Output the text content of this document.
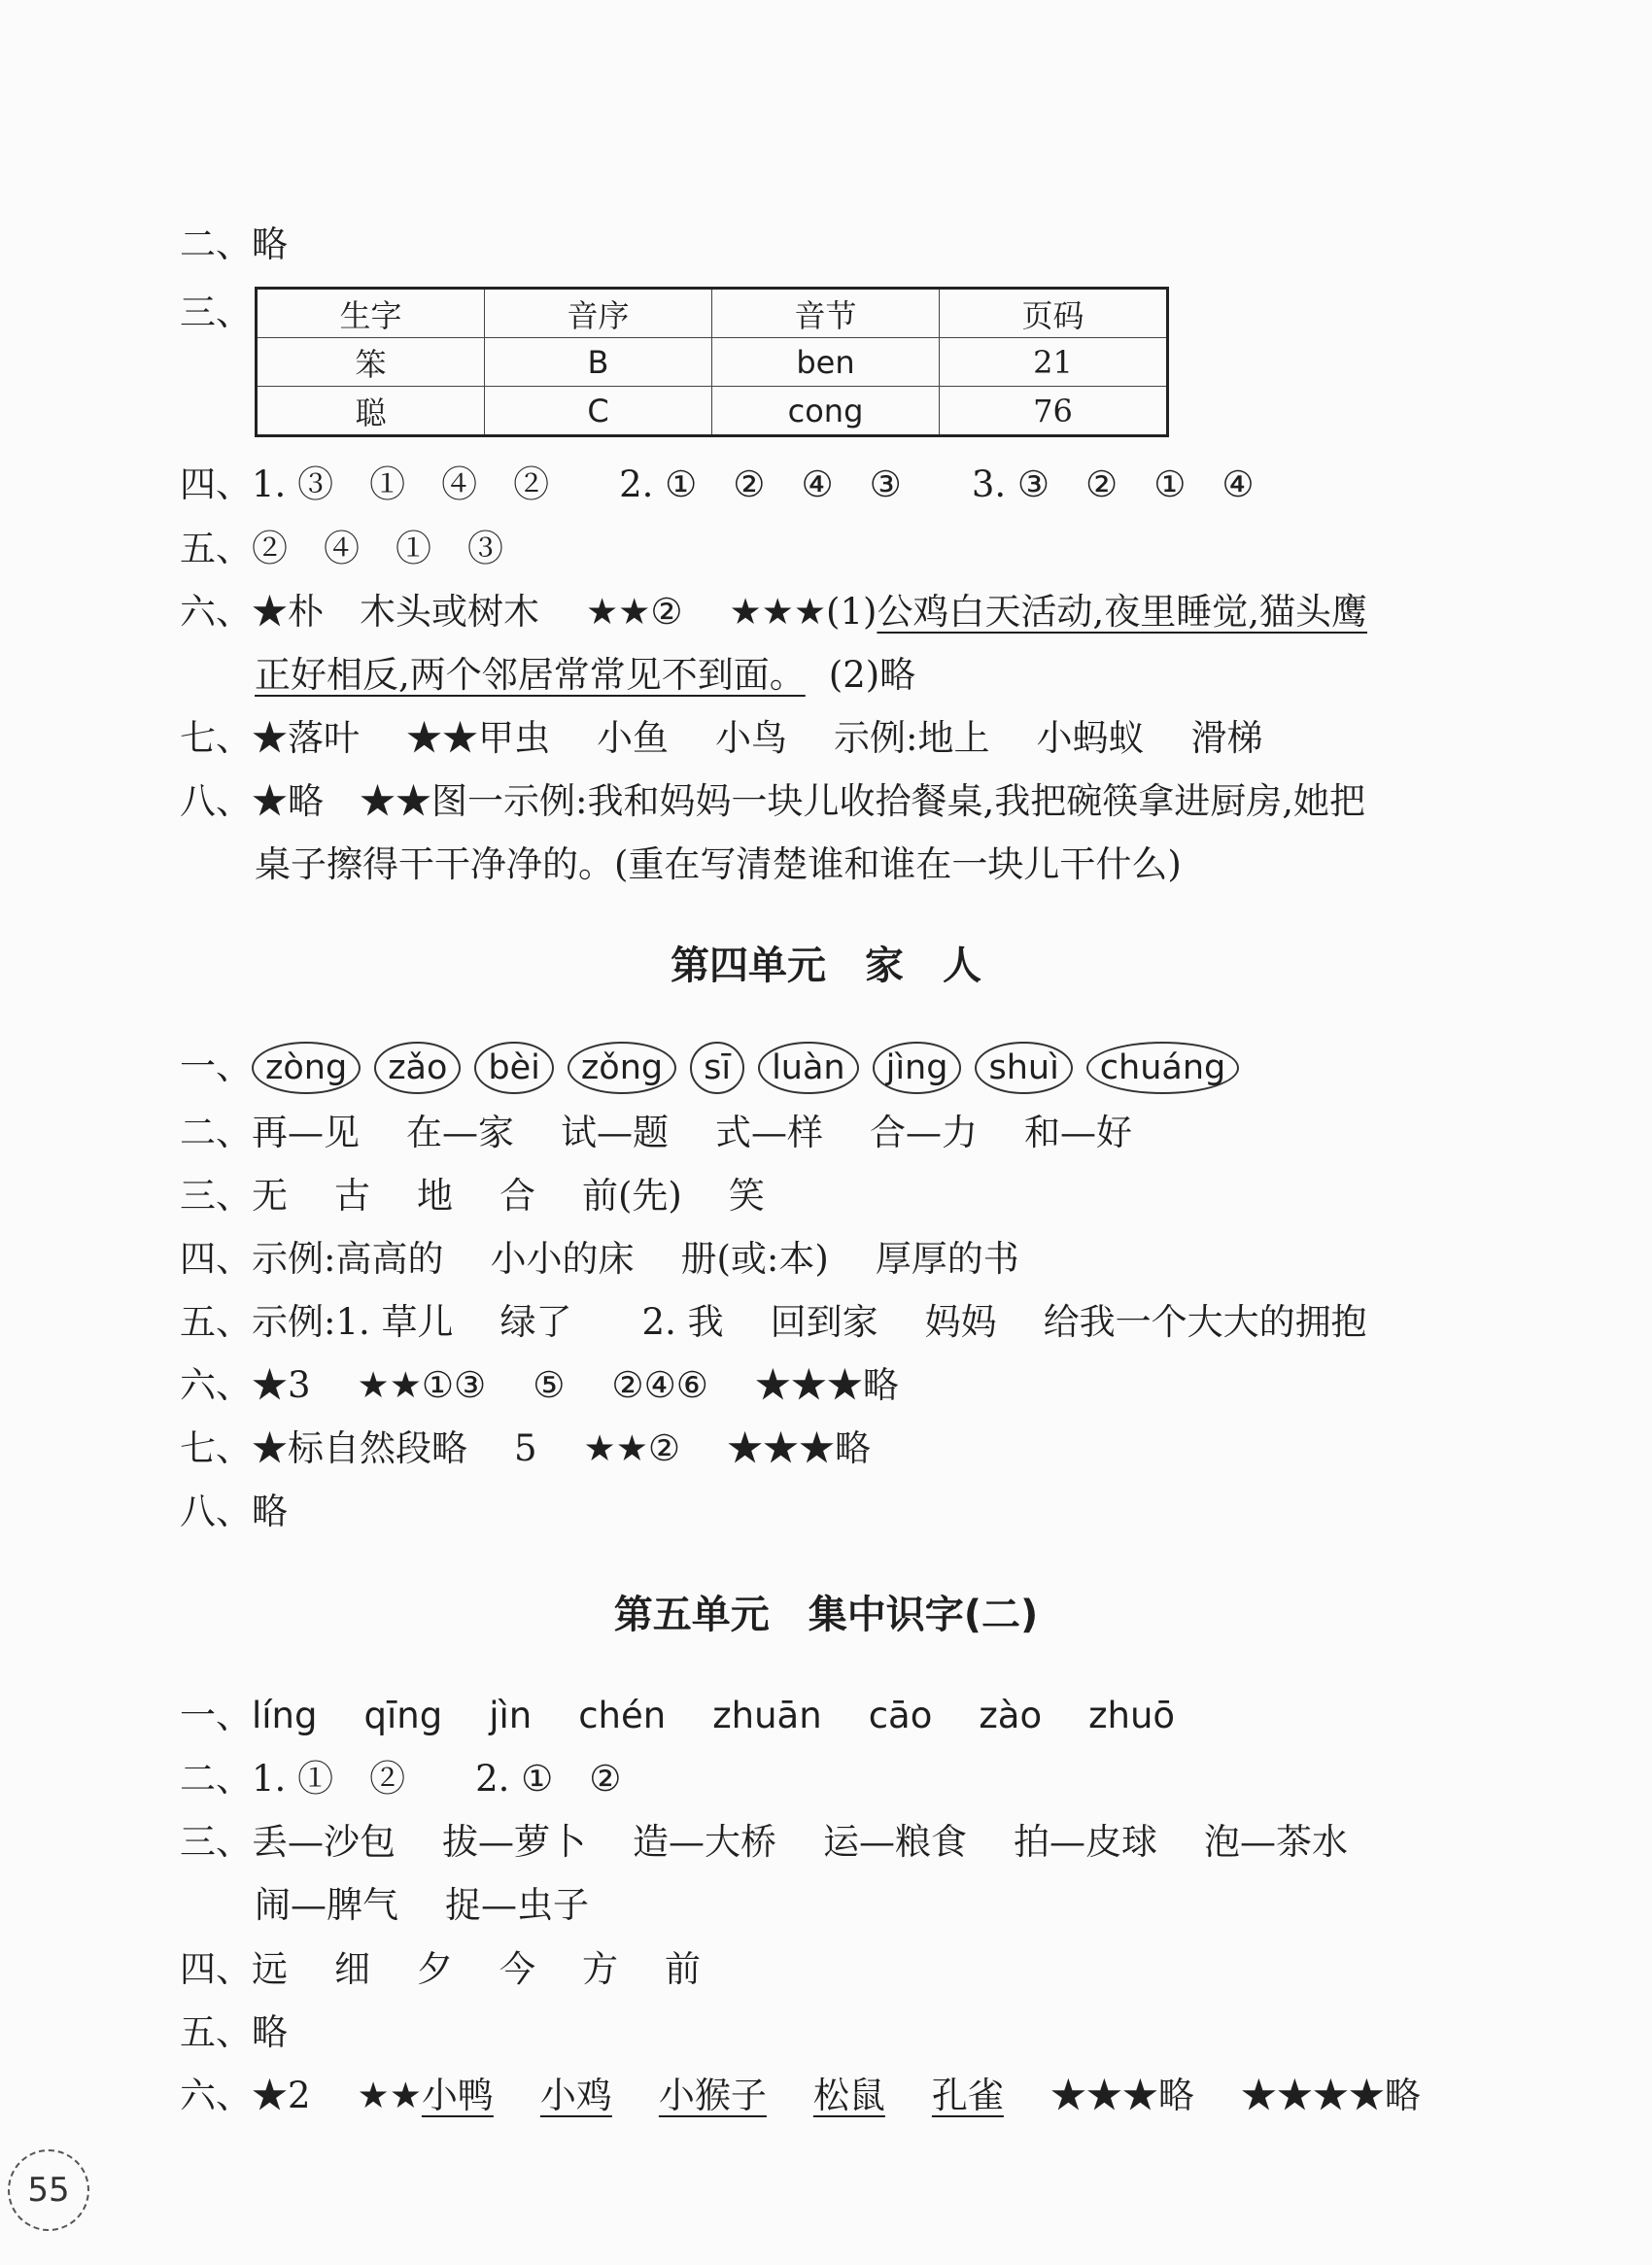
二、略
三、	生字	音序	音节	页码
笨	B	ben	21
聪	C	cong	76
四、1. ③　①　④　② 2. ①　②　④　③ 3. ③　②　①　④
五、②　④　①　③
六、★朴　木头或树木 ★★② ★★★(1)公鸡白天活动,夜里睡觉,猫头鹰
正好相反,两个邻居常常见不到面。 (2)略
七、★落叶 ★★甲虫 小鱼 小鸟 示例:地上 小蚂蚁 滑梯
八、★略　★★图一示例:我和妈妈一块儿收拾餐桌,我把碗筷拿进厨房,她把
桌子擦得干干净净的。(重在写清楚谁和谁在一块儿干什么)
第四单元　家　人
一、 zòng zǎo bèi zǒng sī luàn jìng shuì chuáng
二、再—见 在—家 试—题 式—样 合—力 和—好
三、无 古 地 合 前(先) 笑
四、示例:高高的 小小的床 册(或:本) 厚厚的书
五、示例:1. 草儿 绿了 2. 我 回到家 妈妈 给我一个大大的拥抱
六、★3 ★★①③ ⑤ ②④⑥ ★★★略
七、★标自然段略 5 ★★② ★★★略
八、略
第五单元　集中识字(二)
一、líng qīng jìn chén zhuān cāo zào zhuō
二、1. ①　② 2. ①　②
三、丢—沙包 拔—萝卜 造—大桥 运—粮食 拍—皮球 泡—茶水
闹—脾气 捉—虫子
四、远 细 夕 今 方 前
五、略
六、★2 ★★小鸭 小鸡 小猴子 松鼠 孔雀 ★★★略 ★★★★略
55
